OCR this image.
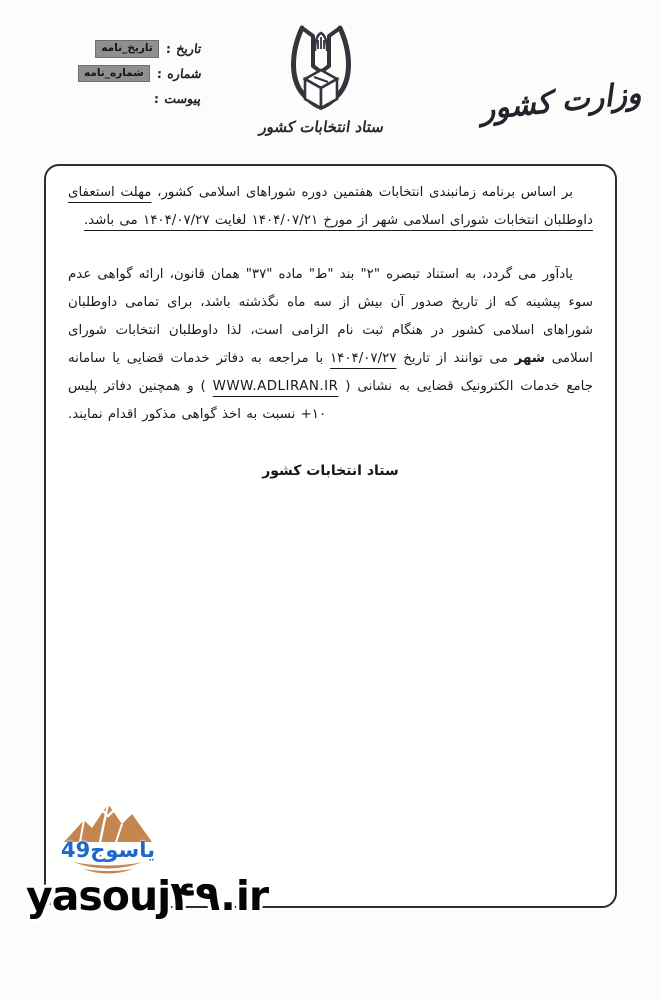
تاریخ :
تاریخ_نامه
شماره :
شماره_نامه
پیوست :
ستاد انتخابات کشور	وزارت کشور

بر اساس برنامه زمانبندی انتخابات هفتمین دوره شوراهای اسلامی کشور، مهلت استعفای داوطلبان انتخابات شورای اسلامی شهر از مورخ ۱۴۰۴/۰۷/۲۱ لغایت ۱۴۰۴/۰۷/۲۷ می باشد.

یادآور می گردد، به استناد تبصره "۲" بند "ط" ماده "۳۷" همان قانون، ارائه گواهی عدم سوء پیشینه که از تاریخ صدور آن بیش از سه ماه نگذشته باشد، برای تمامی داوطلبان شوراهای اسلامی کشور در هنگام ثبت نام الزامی است، لذا داوطلبان انتخابات شورای اسلامی شهر می توانند از تاریخ ۱۴۰۴/۰۷/۲۷ با مراجعه به دفاتر خدمات قضایی یا سامانه جامع خدمات الکترونیک قضایی به نشانی ( WWW.ADLIRAN.IR ) و همچنین دفاتر پلیس ۱۰+ نسبت به اخذ گواهی مذکور اقدام نمایند.

ستاد انتخابات کشور
یاسوج49
yasouj۴۹.ir
